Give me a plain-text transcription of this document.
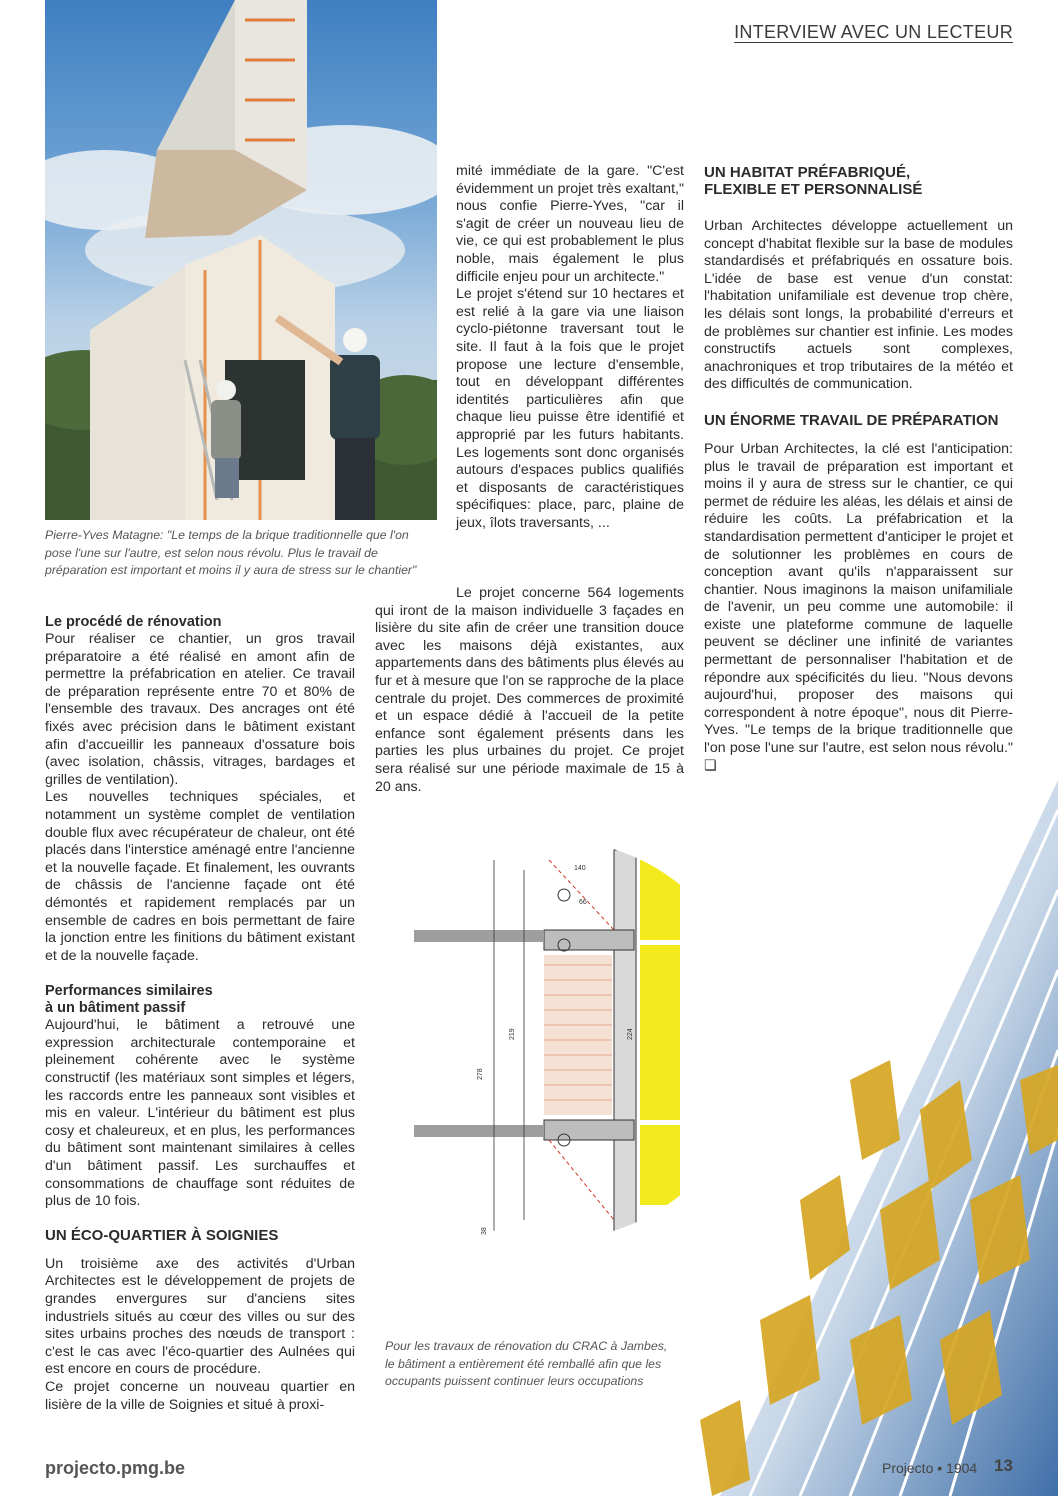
INTERVIEW AVEC UN LECTEUR
Pierre-Yves Matagne: "Le temps de la brique traditionnelle que l'on pose l'une sur l'autre, est selon nous révolu. Plus le travail de préparation est important et moins il y aura de stress sur le chantier"

Le procédé de rénovation

Pour réaliser ce chantier, un gros travail préparatoire a été réalisé en amont afin de permettre la préfabrication en atelier. Ce travail de préparation représente entre 70 et 80% de l'ensemble des travaux. Des ancrages ont été fixés avec précision dans le bâtiment existant afin d'accueillir les panneaux d'ossature bois (avec isolation, châssis, vitrages, bardages et grilles de ventilation).

Les nouvelles techniques spéciales, et notamment un système complet de ventilation double flux avec récupérateur de chaleur, ont été placés dans l'interstice aménagé entre l'ancienne et la nouvelle façade. Et finalement, les ouvrants de châssis de l'ancienne façade ont été démontés et rapidement remplacés par un ensemble de cadres en bois permettant de faire la jonction entre les finitions du bâtiment existant et de la nouvelle façade.

Performances similaires

à un bâtiment passif

Aujourd'hui, le bâtiment a retrouvé une expression architecturale contemporaine et pleinement cohérente avec le système constructif (les matériaux sont simples et légers, les raccords entre les panneaux sont visibles et mis en valeur. L'intérieur du bâtiment est plus cosy et chaleureux, et en plus, les performances du bâtiment sont maintenant similaires à celles d'un bâtiment passif. Les surchauffes et consommations de chauffage sont réduites de plus de 10 fois.

UN ÉCO-QUARTIER À SOIGNIES

Un troisième axe des activités d'Urban Architectes est le développement de projets de grandes envergures sur d'anciens sites industriels situés au cœur des villes ou sur des sites urbains proches des nœuds de transport : c'est le cas avec l'éco-quartier des Aulnées qui est encore en cours de procédure.

Ce projet concerne un nouveau quartier en lisière de la ville de Soignies et situé à proxi-

mité immédiate de la gare. "C'est évidemment un projet très exaltant," nous confie Pierre-Yves, "car il s'agit de créer un nouveau lieu de vie, ce qui est probablement le plus noble, mais également le plus difficile enjeu pour un architecte."

Le projet s'étend sur 10 hectares et est relié à la gare via une liaison cyclo-piétonne traversant tout le site. Il faut à la fois que le projet propose une lecture d'ensemble, tout en développant différentes identités particulières afin que chaque lieu puisse être identifié et approprié par les futurs habitants. Les logements sont donc organisés autours d'espaces publics qualifiés et disposants de caractéristiques spécifiques: place, parc, plaine de jeux, îlots traversants, ...

Le projet concerne 564 logements qui iront de la maison individuelle 3 façades en lisière du site afin de créer une transition douce avec les maisons déjà existantes, aux appartements dans des bâtiments plus élevés au fur et à mesure que l'on se rapproche de la place centrale du projet. Des commerces de proximité et un espace dédié à l'accueil de la petite enfance sont également présents dans les parties les plus urbaines du projet. Ce projet sera réalisé sur une période maximale de 15 à 20 ans.

UN HABITAT PRÉFABRIQUÉ,

FLEXIBLE ET PERSONNALISÉ

Urban Architectes développe actuellement un concept d'habitat flexible sur la base de modules standardisés et préfabriqués en ossature bois. L'idée de base est venue d'un constat: l'habitation unifamiliale est devenue trop chère, les délais sont longs, la probabilité d'erreurs et de problèmes sur chantier est infinie. Les modes constructifs actuels sont complexes, anachroniques et trop tributaires de la météo et des difficultés de communication.

UN ÉNORME TRAVAIL DE PRÉPARATION

Pour Urban Architectes, la clé est l'anticipation: plus le travail de préparation est important et moins il y aura de stress sur le chantier, ce qui permet de réduire les aléas, les délais et ainsi de réduire les coûts. La préfabrication et la standardisation permettent d'anticiper le projet et de solutionner les problèmes en cours de conception avant qu'ils n'apparaissent sur chantier. Nous imaginons la maison unifamiliale de l'avenir, un peu comme une automobile: il existe une plateforme commune de laquelle peuvent se décliner une infinité de variantes permettant de personnaliser l'habitation et de répondre aux spécificités du lieu. "Nous devons aujourd'hui, proposer des maisons qui correspondent à notre époque", nous dit Pierre-Yves. "Le temps de la brique traditionnelle que l'on pose l'une sur l'autre, est selon nous révolu." ❏

278
219	224
66
140
38
Pour les travaux de rénovation du CRAC à Jambes, le bâtiment a entièrement été remballé afin que les occupants puissent continuer leurs occupations
projecto.pmg.be	Projecto • 1904 13
